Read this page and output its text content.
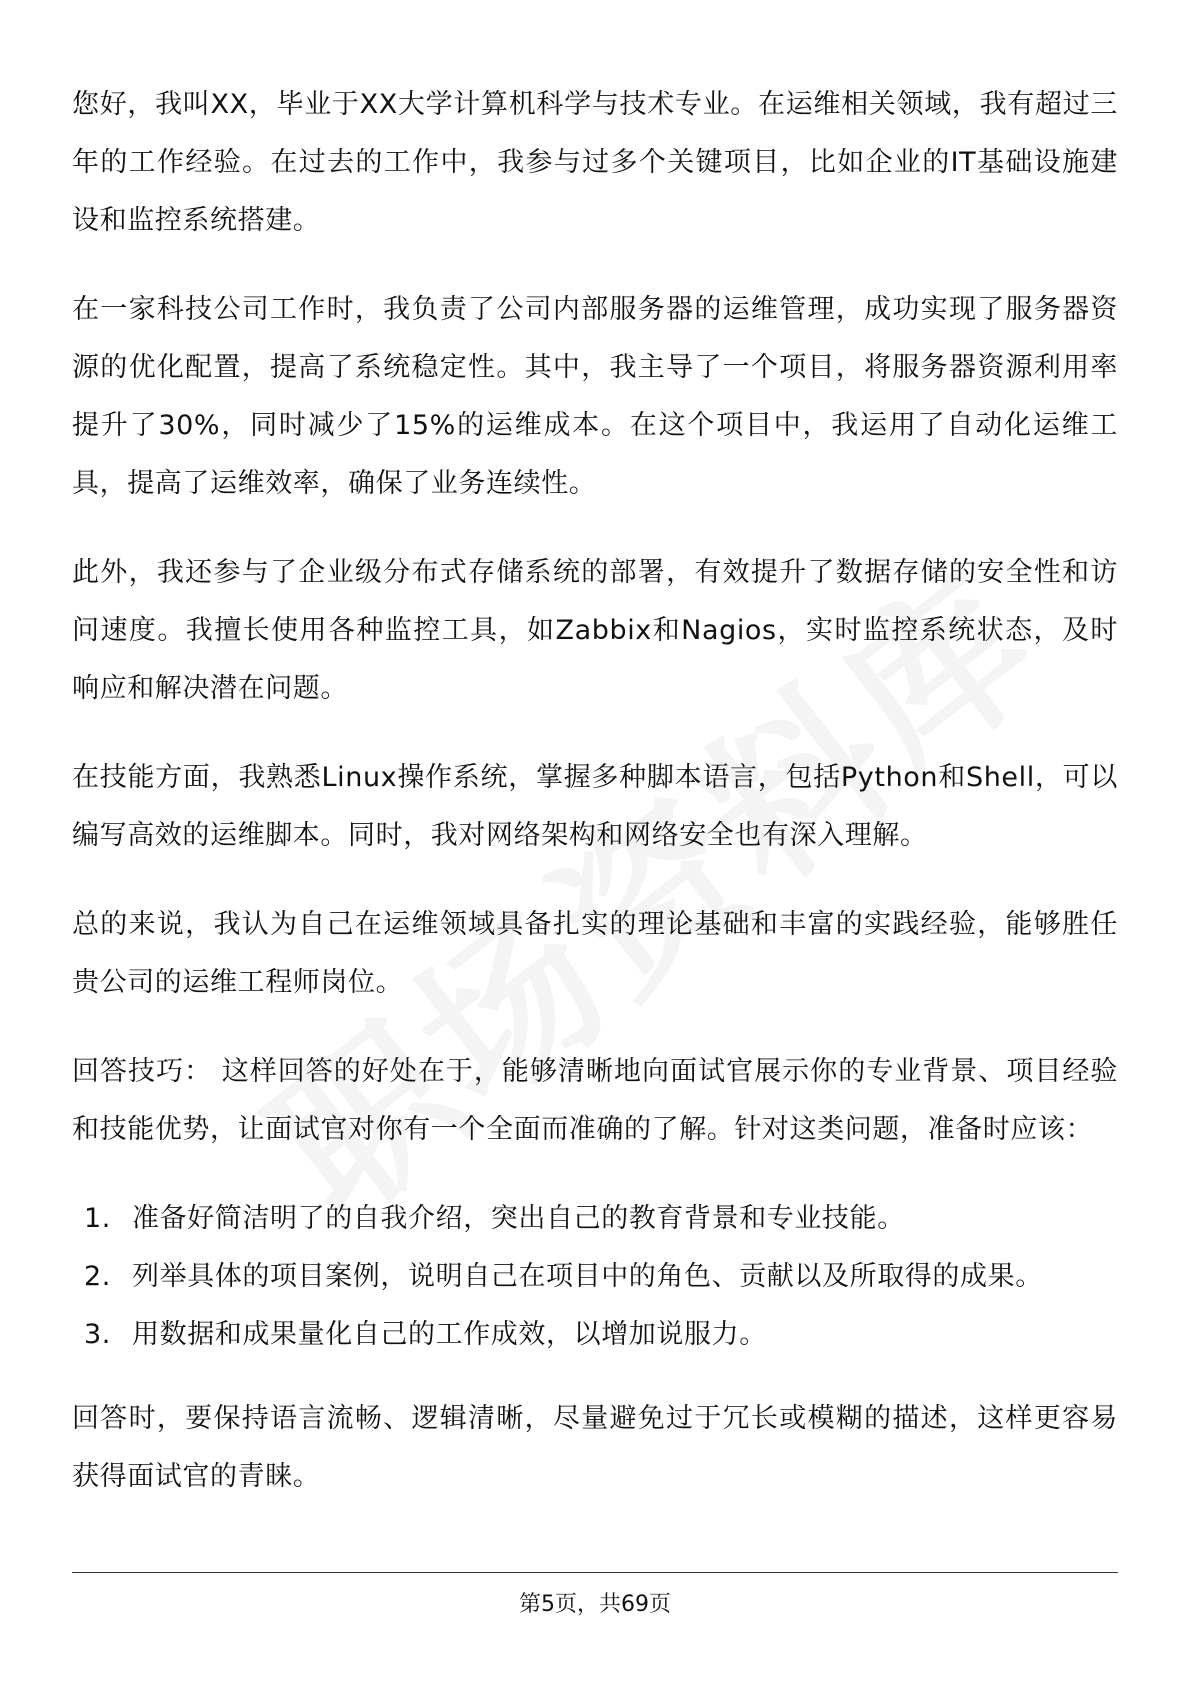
您好，我叫XX，毕业于XX大学计算机科学与技术专业。在运维相关领域，我有超过三年的工作经验。在过去的工作中，我参与过多个关键项目，比如企业的IT基础设施建设和监控系统搭建。

在一家科技公司工作时，我负责了公司内部服务器的运维管理，成功实现了服务器资源的优化配置，提高了系统稳定性。其中，我主导了一个项目，将服务器资源利用率提升了30%，同时减少了15%的运维成本。在这个项目中，我运用了自动化运维工具，提高了运维效率，确保了业务连续性。

此外，我还参与了企业级分布式存储系统的部署，有效提升了数据存储的安全性和访问速度。我擅长使用各种监控工具，如Zabbix和Nagios，实时监控系统状态，及时响应和解决潜在问题。

在技能方面，我熟悉Linux操作系统，掌握多种脚本语言，包括Python和Shell，可以编写高效的运维脚本。同时，我对网络架构和网络安全也有深入理解。

总的来说，我认为自己在运维领域具备扎实的理论基础和丰富的实践经验，能够胜任贵公司的运维工程师岗位。

回答技巧： 这样回答的好处在于，能够清晰地向面试官展示你的专业背景、项目经验和技能优势，让面试官对你有一个全面而准确的了解。针对这类问题，准备时应该：

1. 准备好简洁明了的自我介绍，突出自己的教育背景和专业技能。
2. 列举具体的项目案例，说明自己在项目中的角色、贡献以及所取得的成果。
3. 用数据和成果量化自己的工作成效，以增加说服力。

回答时，要保持语言流畅、逻辑清晰，尽量避免过于冗长或模糊的描述，这样更容易获得面试官的青睐。

第5页，共69页
